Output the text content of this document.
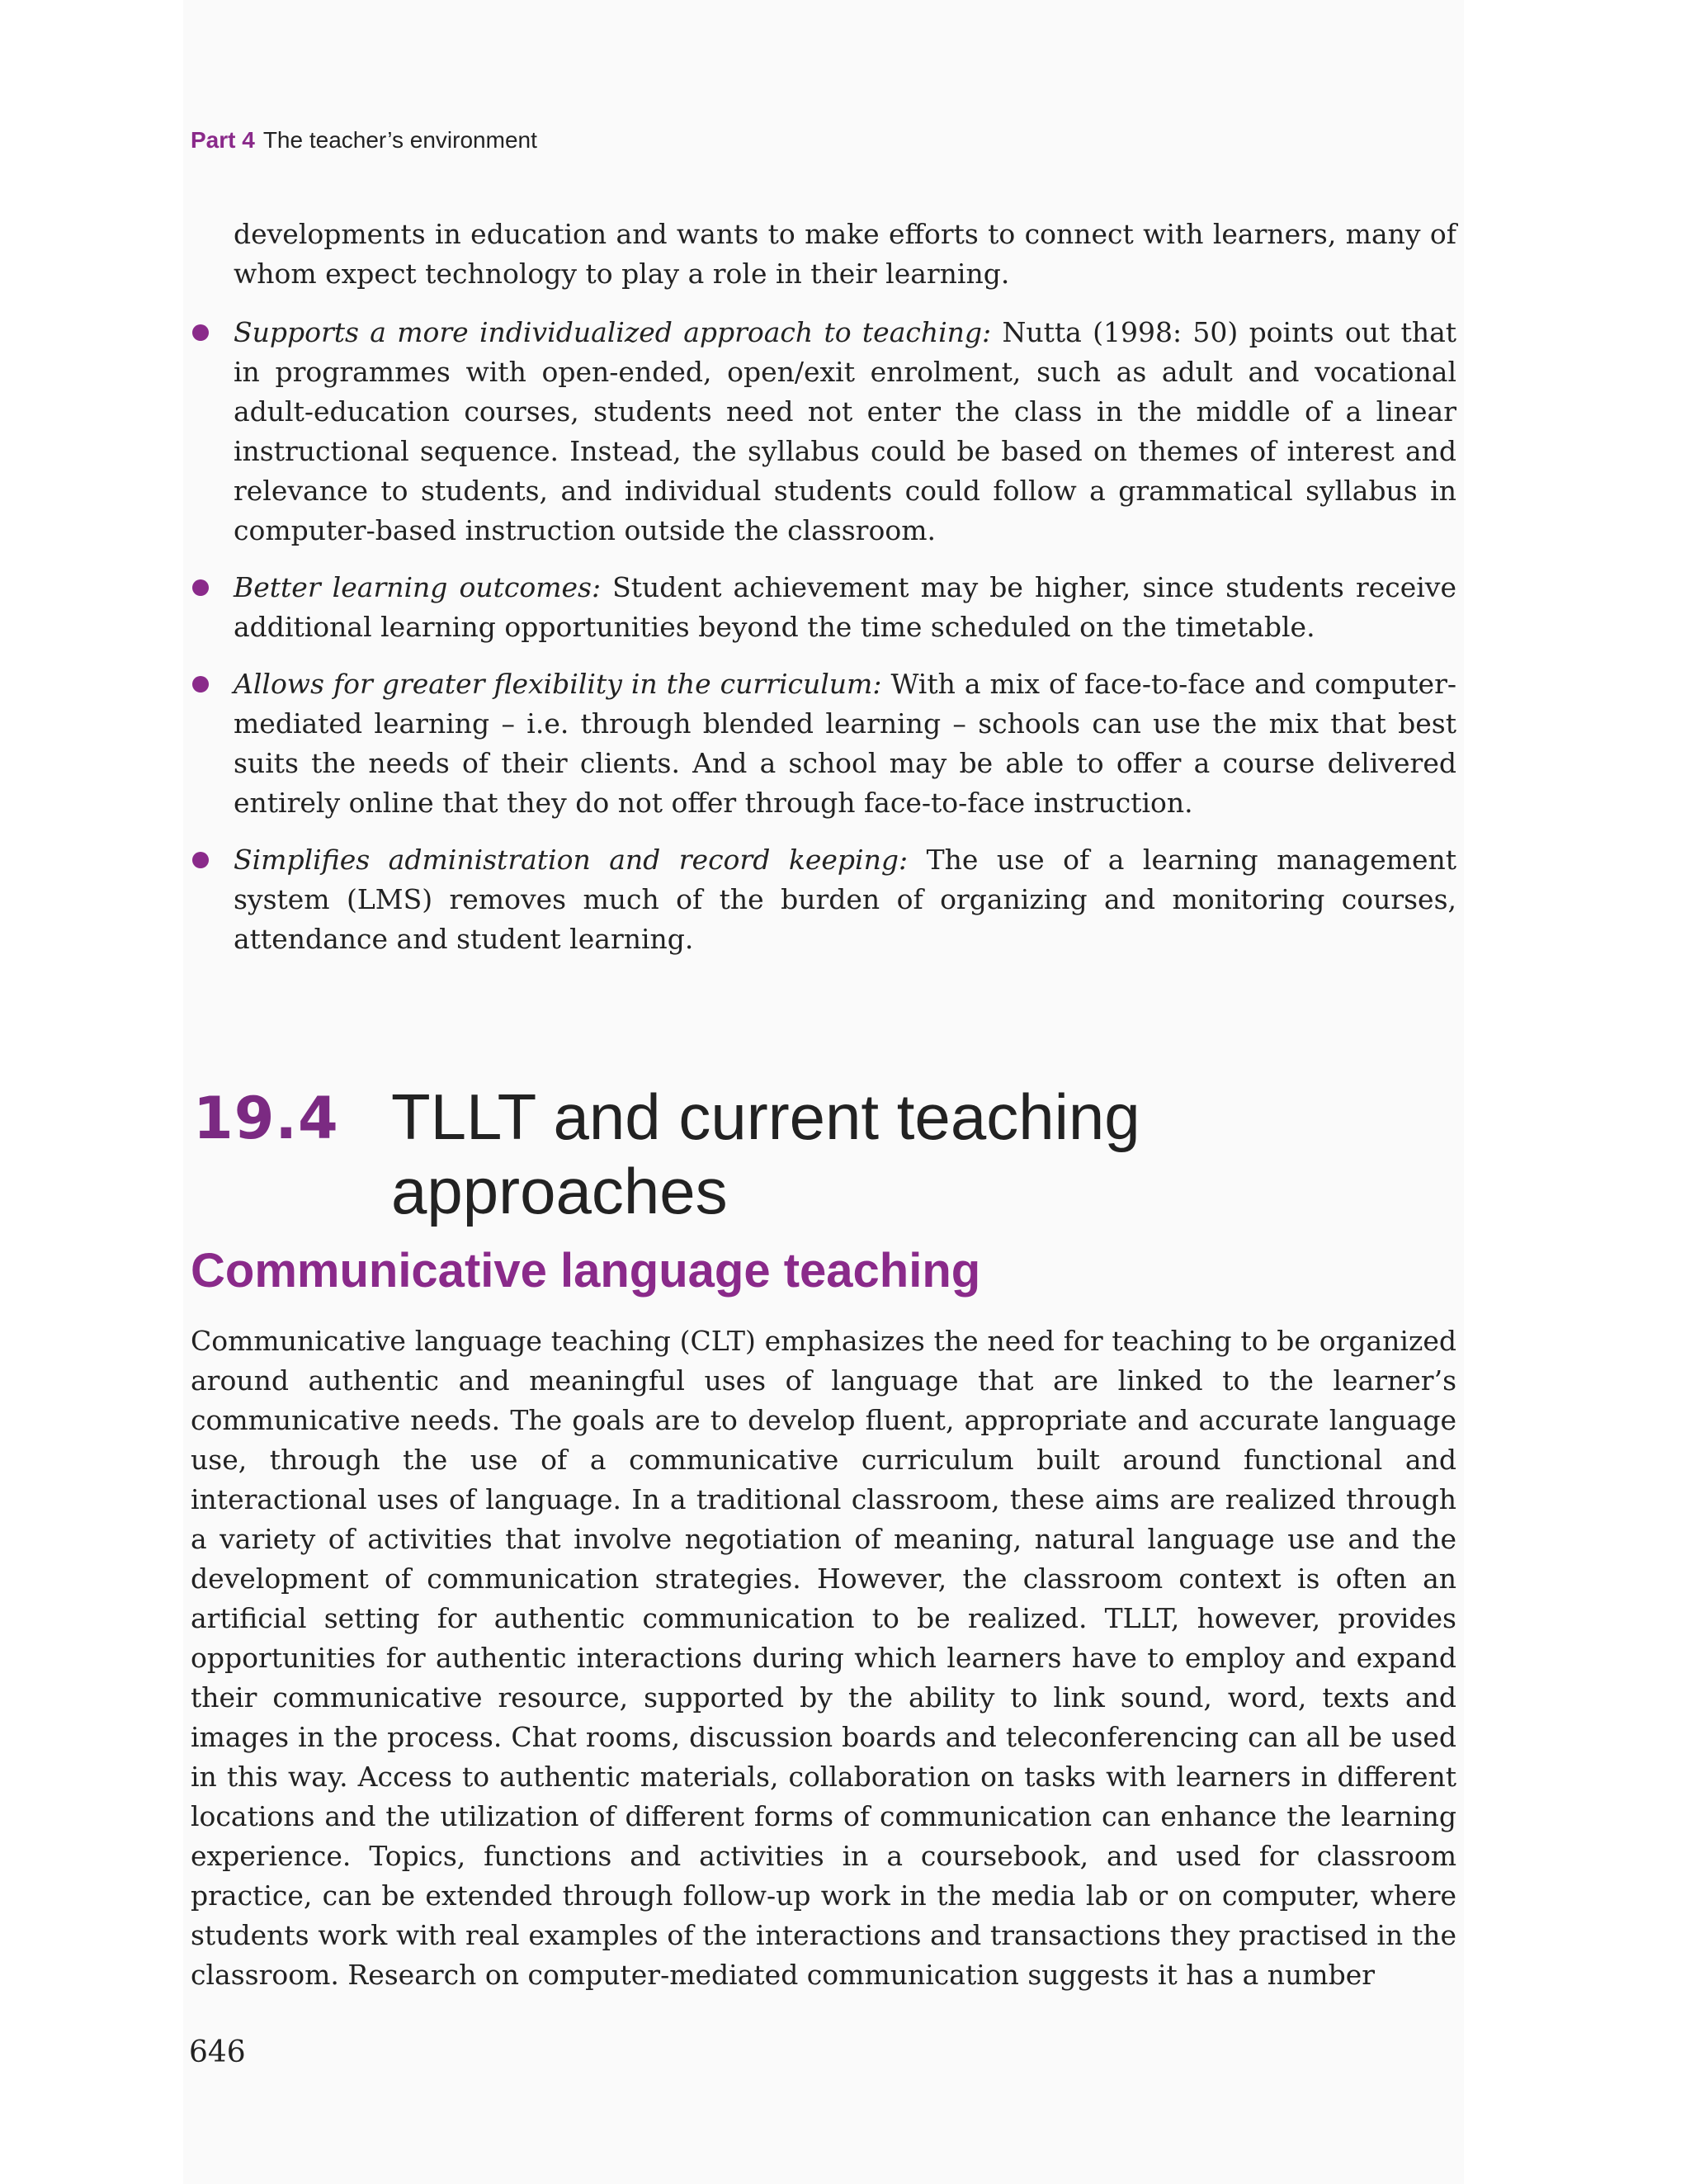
Part 4 The teacher’s environment

developments in education and wants to make efforts to connect with learners, many of whom expect technology to play a role in their learning.

Supports a more individualized approach to teaching: Nutta (1998: 50) points out that in programmes with open-ended, open/exit enrolment, such as adult and vocational adult-education courses, students need not enter the class in the middle of a linear instructional sequence. Instead, the syllabus could be based on themes of interest and relevance to students, and individual students could follow a grammatical syllabus in computer-based instruction outside the classroom.
Better learning outcomes: Student achievement may be higher, since students receive additional learning opportunities beyond the time scheduled on the timetable.
Allows for greater flexibility in the curriculum: With a mix of face-to-face and computer-mediated learning – i.e. through blended learning – schools can use the mix that best suits the needs of their clients. And a school may be able to offer a course delivered entirely online that they do not offer through face-to-face instruction.
Simplifies administration and record keeping: The use of a learning management system (LMS) removes much of the burden of organizing and monitoring courses, attendance and student learning.
19.4 TLLT and current teaching approaches
Communicative language teaching

Communicative language teaching (CLT) emphasizes the need for teaching to be organized around authentic and meaningful uses of language that are linked to the learner’s communicative needs. The goals are to develop fluent, appropriate and accurate language use, through the use of a communicative curriculum built around functional and interactional uses of language. In a traditional classroom, these aims are realized through a variety of activities that involve negotiation of meaning, natural language use and the development of communication strategies. However, the classroom context is often an artificial setting for authentic communication to be realized. TLLT, however, provides opportunities for authentic interactions during which learners have to employ and expand their communicative resource, supported by the ability to link sound, word, texts and images in the process. Chat rooms, discussion boards and teleconferencing can all be used in this way. Access to authentic materials, collaboration on tasks with learners in different locations and the utilization of different forms of communication can enhance the learning experience. Topics, functions and activities in a coursebook, and used for classroom practice, can be extended through follow-up work in the media lab or on computer, where students work with real examples of the interactions and transactions they practised in the classroom. Research on computer-mediated communication suggests it has a number

646
